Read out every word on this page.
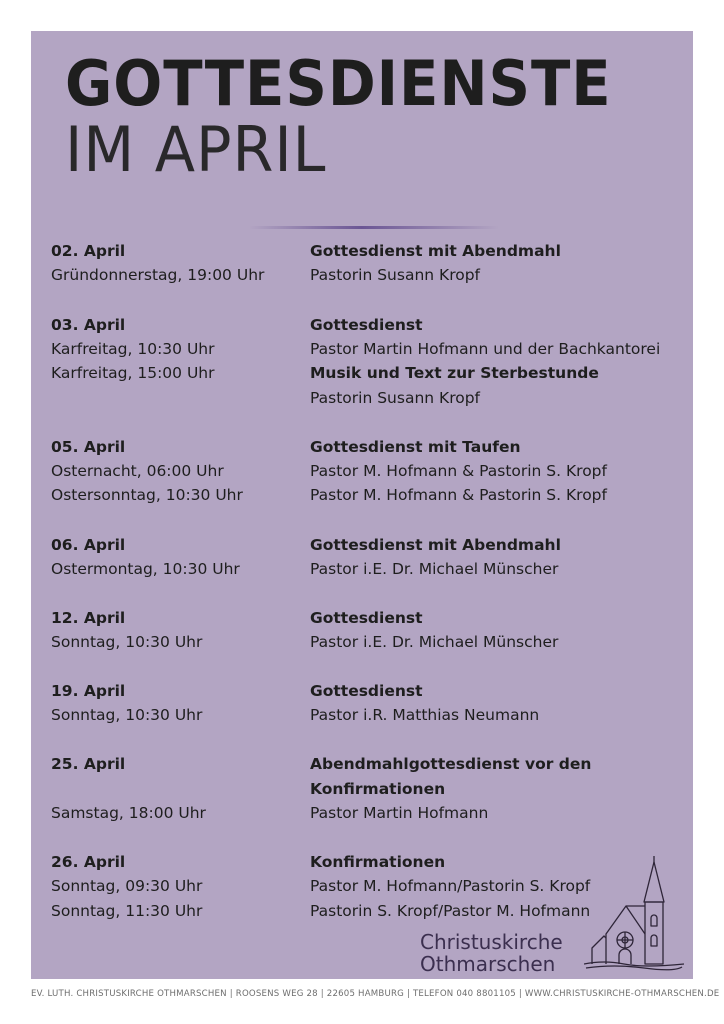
GOTTESDIENSTE
IM APRIL
02. April
Gründonnerstag, 19:00 Uhr
Gottesdienst mit Abendmahl
Pastorin Susann Kropf
03. April
Karfreitag, 10:30 Uhr
Karfreitag, 15:00 Uhr
Gottesdienst
Pastor Martin Hofmann und der Bachkantorei
Musik und Text zur Sterbestunde
Pastorin Susann Kropf
05. April
Osternacht, 06:00 Uhr
Ostersonntag, 10:30 Uhr
Gottesdienst mit Taufen
Pastor M. Hofmann & Pastorin S. Kropf
Pastor M. Hofmann & Pastorin S. Kropf
06. April
Ostermontag, 10:30 Uhr
Gottesdienst mit Abendmahl
Pastor i.E. Dr. Michael Münscher
12. April
Sonntag, 10:30 Uhr
Gottesdienst
Pastor i.E. Dr. Michael Münscher
19. April
Sonntag, 10:30 Uhr
Gottesdienst
Pastor i.R. Matthias Neumann
25. April
Samstag, 18:00 Uhr
Abendmahlgottesdienst vor den
Konfirmationen
Pastor Martin Hofmann
26. April
Sonntag, 09:30 Uhr
Sonntag, 11:30 Uhr
Konfirmationen
Pastor M. Hofmann/Pastorin S. Kropf
Pastorin S. Kropf/Pastor M. Hofmann
Christuskirche
Othmarschen
EV. LUTH. CHRISTUSKIRCHE OTHMARSCHEN | ROOSENS WEG 28 | 22605 HAMBURG | TELEFON 040 8801105 | WWW.CHRISTUSKIRCHE-OTHMARSCHEN.DE
